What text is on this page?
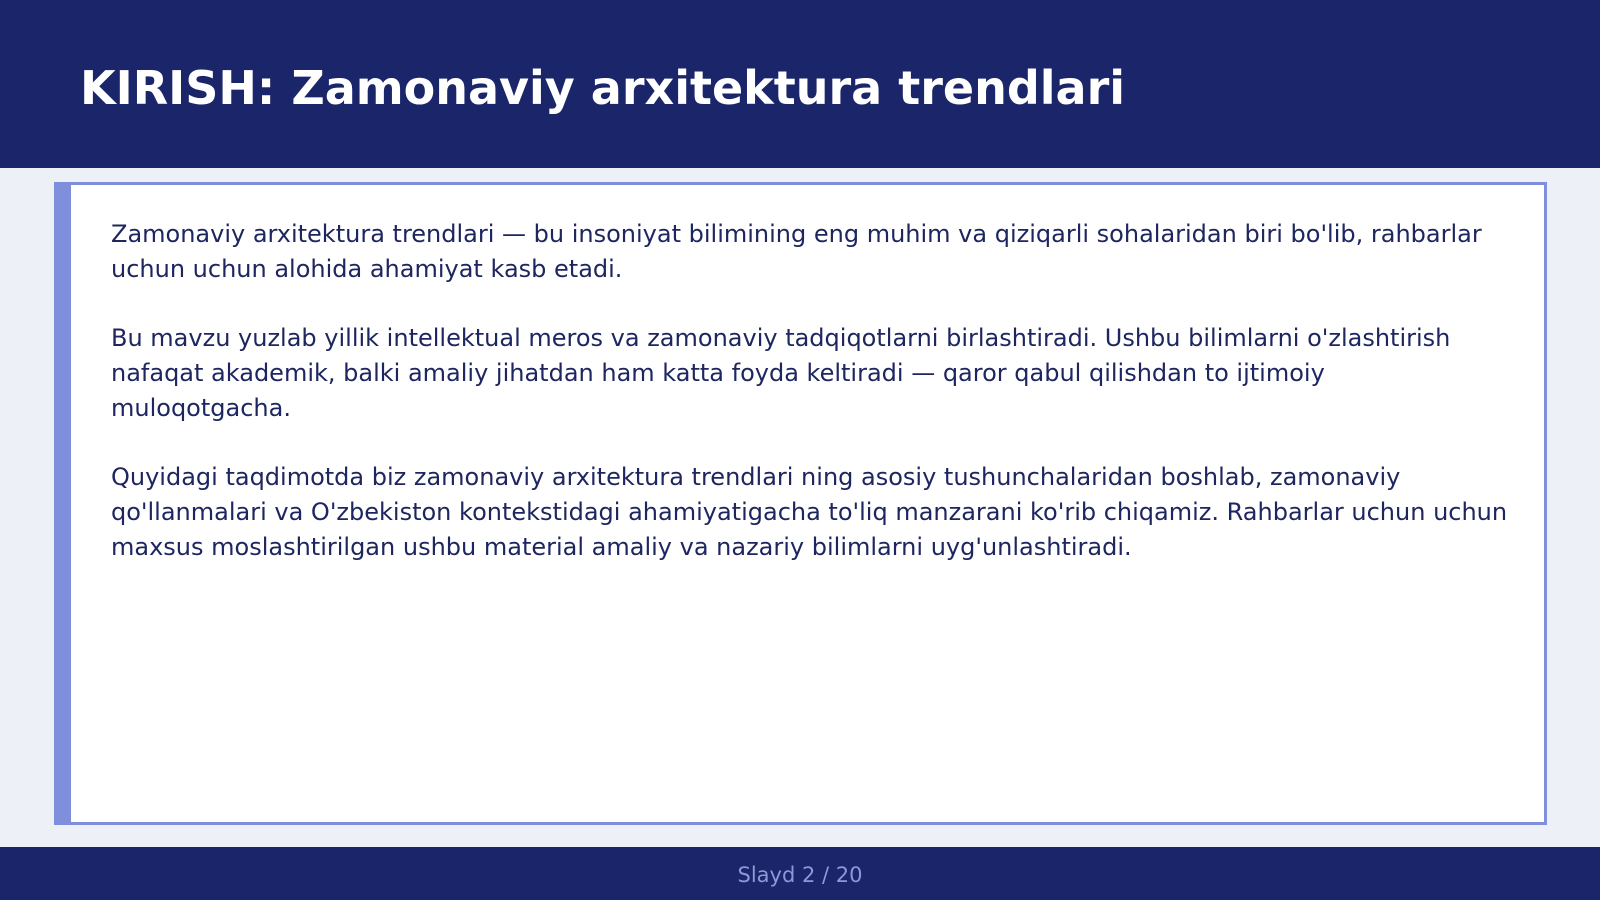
KIRISH: Zamonaviy arxitektura trendlari

Zamonaviy arxitektura trendlari — bu insoniyat bilimining eng muhim va qiziqarli sohalaridan biri bo'lib, rahbarlar uchun uchun alohida ahamiyat kasb etadi.

Bu mavzu yuzlab yillik intellektual meros va zamonaviy tadqiqotlarni birlashtiradi. Ushbu bilimlarni o'zlashtirish nafaqat akademik, balki amaliy jihatdan ham katta foyda keltiradi — qaror qabul qilishdan to ijtimoiy muloqotgacha.

Quyidagi taqdimotda biz zamonaviy arxitektura trendlari ning asosiy tushunchalaridan boshlab, zamonaviy qo'llanmalari va O'zbekiston kontekstidagi ahamiyatigacha to'liq manzarani ko'rib chiqamiz. Rahbarlar uchun uchun maxsus moslashtirilgan ushbu material amaliy va nazariy bilimlarni uyg'unlashtiradi.

Slayd 2 / 20
